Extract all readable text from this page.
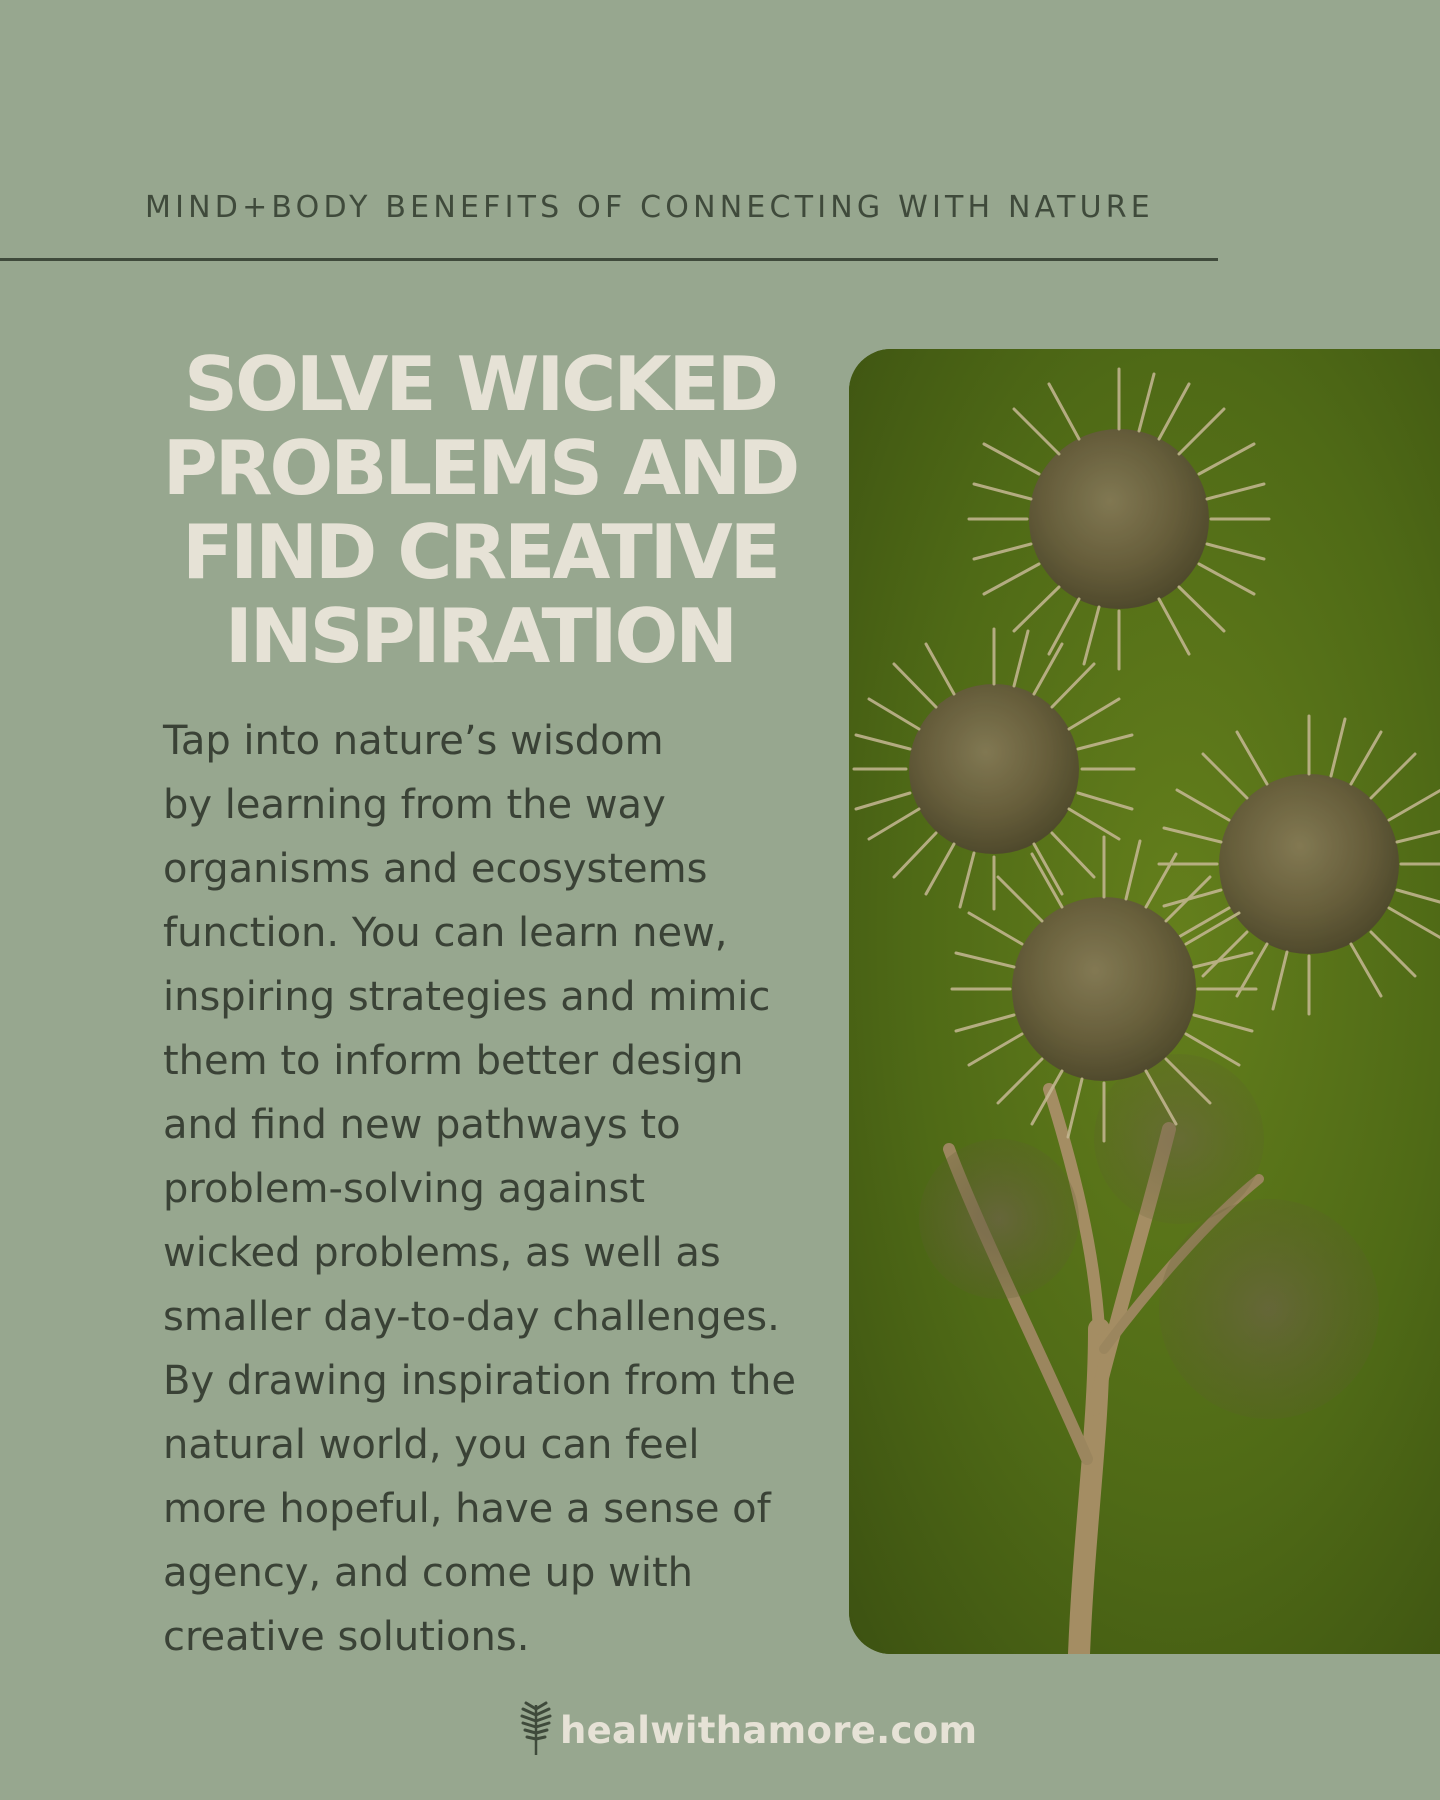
MIND+BODY BENEFITS OF CONNECTING WITH NATURE
SOLVE WICKED
PROBLEMS AND
FIND CREATIVE
INSPIRATION

Tap into nature’s wisdom
by learning from the way
organisms and ecosystems
function. You can learn new,
inspiring strategies and mimic
them to inform better design
and find new pathways to
problem-solving against
wicked problems, as well as
smaller day-to-day challenges.
By drawing inspiration from the
natural world, you can feel
more hopeful, have a sense of
agency, and come up with
creative solutions.

healwithamore.com
